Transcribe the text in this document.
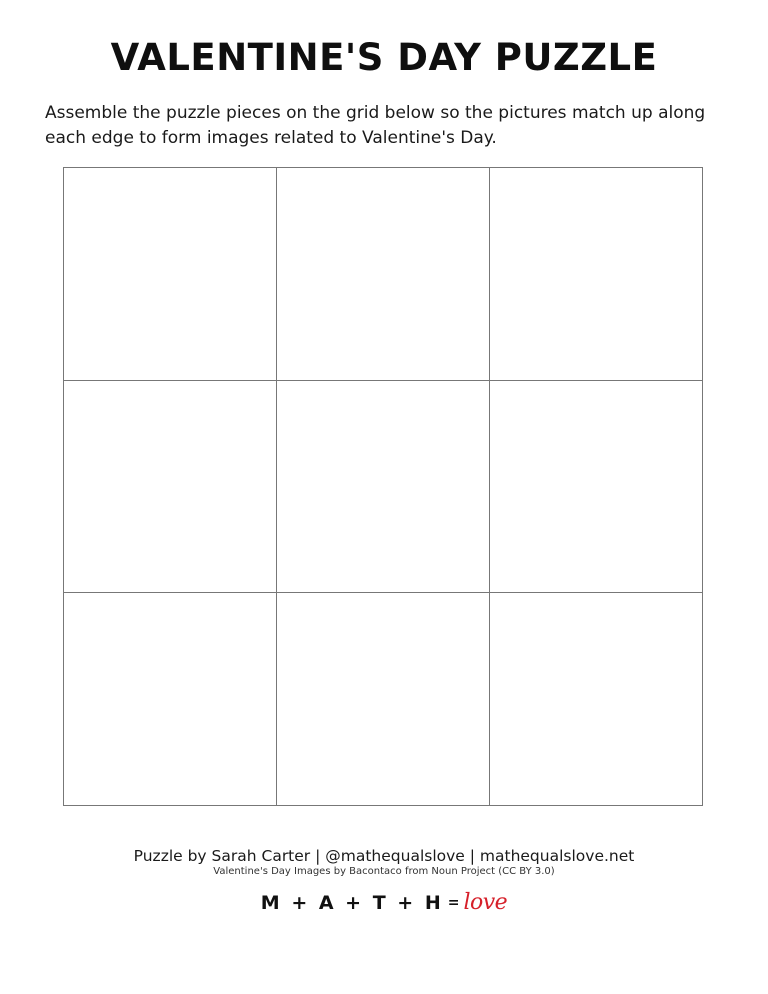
VALENTINE'S DAY PUZZLE

Assemble the puzzle pieces on the grid below so the pictures match up along each edge to form images related to Valentine's Day.

Puzzle by Sarah Carter | @mathequalslove | mathequalslove.net
Valentine's Day Images by Bacontaco from Noun Project (CC BY 3.0)
M + A + T + H = love
